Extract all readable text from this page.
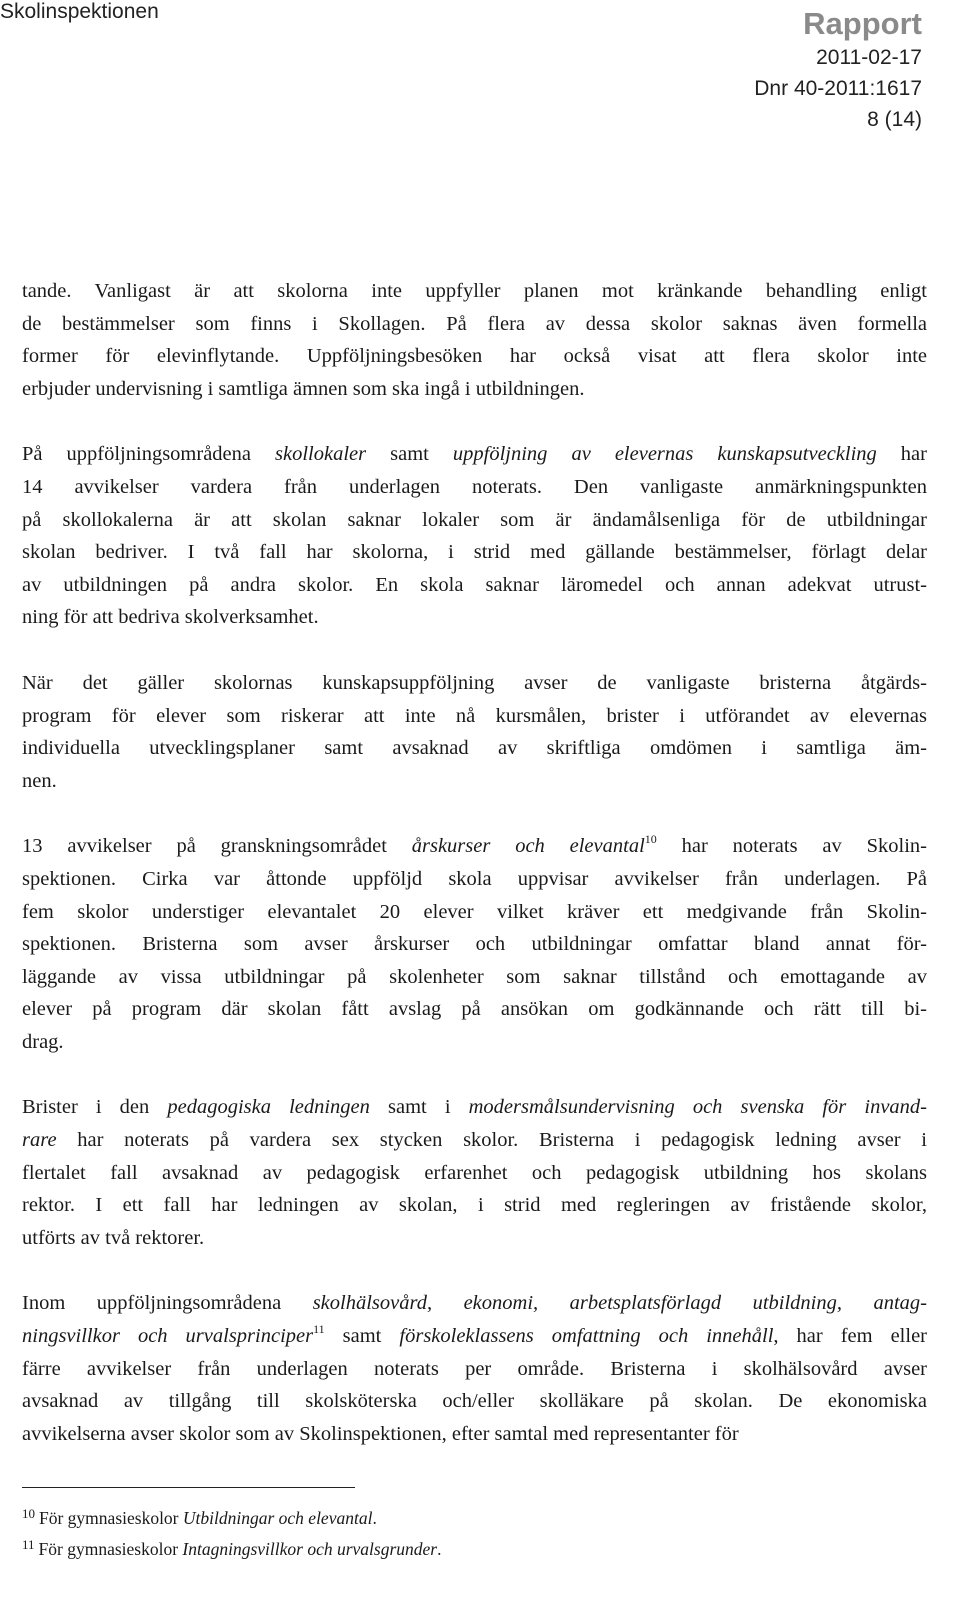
Skolinspektionen	Rapport
2011-02-17
Dnr 40-2011:1617
8 (14)
tande. Vanligast är att skolorna inte uppfyller planen mot kränkande behandling enligt
de bestämmelser som finns i Skollagen. På flera av dessa skolor saknas även formella
former för elevinflytande. Uppföljningsbesöken har också visat att flera skolor inte
erbjuder undervisning i samtliga ämnen som ska ingå i utbildningen.
På uppföljningsområdena skollokaler samt uppföljning av elevernas kunskapsutveckling har
14 avvikelser vardera från underlagen noterats. Den vanligaste anmärkningspunkten
på skollokalerna är att skolan saknar lokaler som är ändamålsenliga för de utbildningar
skolan bedriver. I två fall har skolorna, i strid med gällande bestämmelser, förlagt delar
av utbildningen på andra skolor. En skola saknar läromedel och annan adekvat utrust-
ning för att bedriva skolverksamhet.
När det gäller skolornas kunskapsuppföljning avser de vanligaste bristerna åtgärds-
program för elever som riskerar att inte nå kursmålen, brister i utförandet av elevernas
individuella utvecklingsplaner samt avsaknad av skriftliga omdömen i samtliga äm-
nen.
13 avvikelser på granskningsområdet årskurser och elevantal$^{10}$ har noterats av Skolin-
spektionen. Cirka var åttonde uppföljd skola uppvisar avvikelser från underlagen. På
fem skolor understiger elevantalet 20 elever vilket kräver ett medgivande från Skolin-
spektionen. Bristerna som avser årskurser och utbildningar omfattar bland annat för-
läggande av vissa utbildningar på skolenheter som saknar tillstånd och emottagande av
elever på program där skolan fått avslag på ansökan om godkännande och rätt till bi-
drag.
Brister i den pedagogiska ledningen samt i modersmålsundervisning och svenska för invand-
rare har noterats på vardera sex stycken skolor. Bristerna i pedagogisk ledning avser i
flertalet fall avsaknad av pedagogisk erfarenhet och pedagogisk utbildning hos skolans
rektor. I ett fall har ledningen av skolan, i strid med regleringen av fristående skolor,
utförts av två rektorer.
Inom uppföljningsområdena skolhälsovård, ekonomi, arbetsplatsförlagd utbildning, antag-
ningsvillkor och urvalsprinciper$^{11}$ samt förskoleklassens omfattning och innehåll, har fem eller
färre avvikelser från underlagen noterats per område. Bristerna i skolhälsovård avser
avsaknad av tillgång till skolsköterska och/eller skolläkare på skolan. De ekonomiska
avvikelserna avser skolor som av Skolinspektionen, efter samtal med representanter för
$^{10}$ För gymnasieskolor Utbildningar och elevantal.
$^{11}$ För gymnasieskolor Intagningsvillkor och urvalsgrunder.
